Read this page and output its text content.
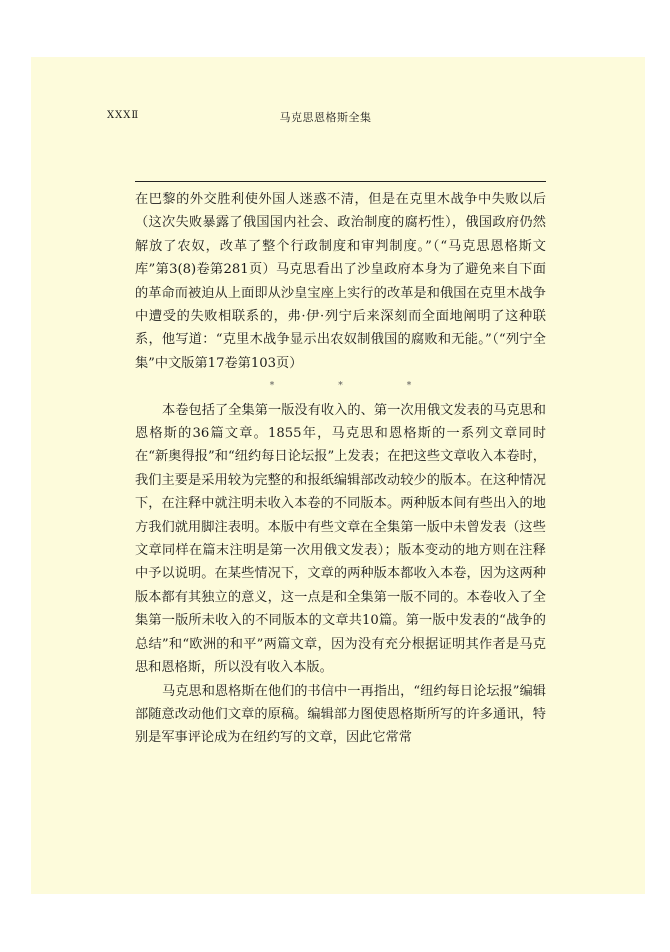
XXXⅡ	马克思恩格斯全集

在巴黎的外交胜利使外国人迷惑不清，但是在克里木战争中失败以后（这次失败暴露了俄国国内社会、政治制度的腐朽性），俄国政府仍然解放了农奴，改革了整个行政制度和审判制度。”（“马克思恩格斯文库”第3(8)卷第281页）马克思看出了沙皇政府本身为了避免来自下面的革命而被迫从上面即从沙皇宝座上实行的改革是和俄国在克里木战争中遭受的失败相联系的，弗·伊·列宁后来深刻而全面地阐明了这种联系，他写道：“克里木战争显示出农奴制俄国的腐败和无能。”（“列宁全集”中文版第17卷第103页）

*	*	*

本卷包括了全集第一版没有收入的、第一次用俄文发表的马克思和恩格斯的36篇文章。1855年，马克思和恩格斯的一系列文章同时在“新奥得报”和“纽约每日论坛报”上发表；在把这些文章收入本卷时，我们主要是采用较为完整的和报纸编辑部改动较少的版本。在这种情况下，在注释中就注明未收入本卷的不同版本。两种版本间有些出入的地方我们就用脚注表明。本版中有些文章在全集第一版中未曾发表（这些文章同样在篇末注明是第一次用俄文发表）；版本变动的地方则在注释中予以说明。在某些情况下，文章的两种版本都收入本卷，因为这两种版本都有其独立的意义，这一点是和全集第一版不同的。本卷收入了全集第一版所未收入的不同版本的文章共10篇。第一版中发表的“战争的总结”和“欧洲的和平”两篇文章，因为没有充分根据证明其作者是马克思和恩格斯，所以没有收入本版。

马克思和恩格斯在他们的书信中一再指出，“纽约每日论坛报”编辑部随意改动他们文章的原稿。编辑部力图使恩格斯所写的许多通讯，特别是军事评论成为在纽约写的文章，因此它常常
